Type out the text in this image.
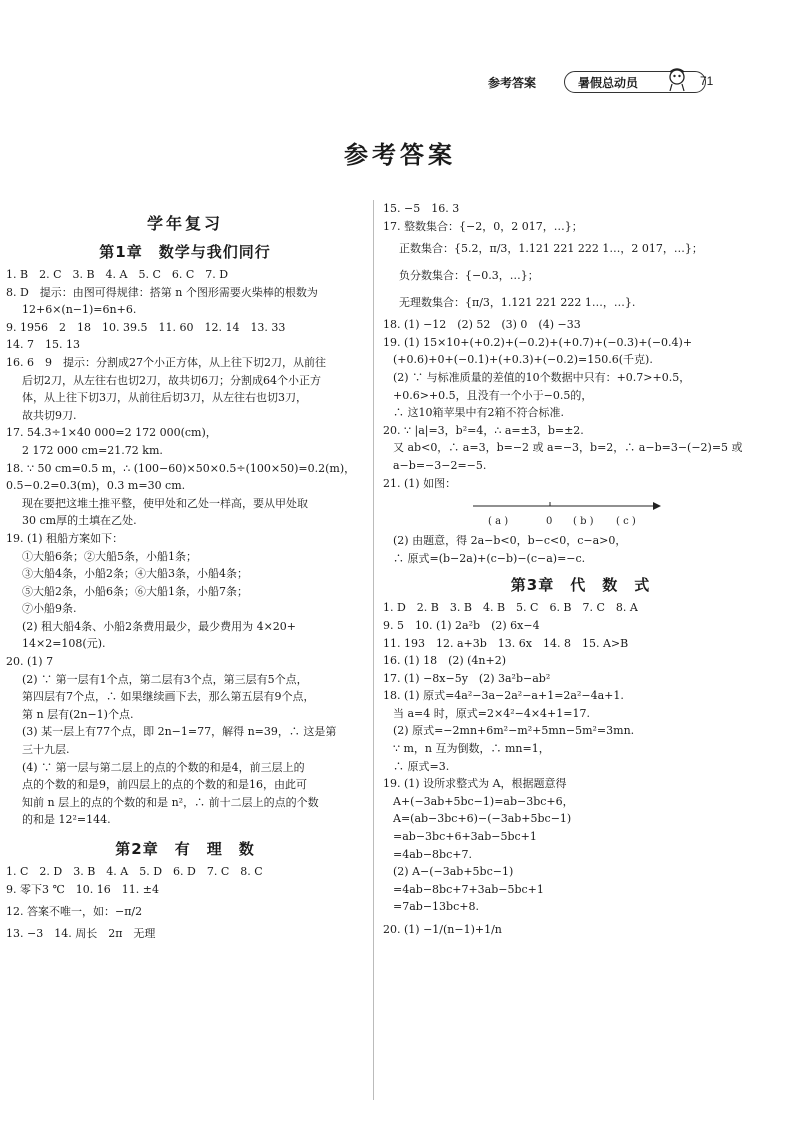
参考答案	暑假总动员	71
参考答案
学年复习
第1章　数学与我们同行
1. B　2. C　3. B　4. A　5. C　6. C　7. D
8. D　提示：由图可得规律：搭第 n 个图形需要火柴棒的根数为
12+6×(n−1)=6n+6.
9. 1956　2　18　10. 39.5　11. 60　12. 14　13. 33
14. 7　15. 13
16. 6　9　提示：分割成27个小正方体，从上往下切2刀，从前往
后切2刀，从左往右也切2刀，故共切6刀；分割成64个小正方
体，从上往下切3刀，从前往后切3刀，从左往右也切3刀，
故共切9刀.
17. 54.3÷1×40 000=2 172 000(cm)，
2 172 000 cm=21.72 km.
18. ∵ 50 cm=0.5 m，∴ (100−60)×50×0.5÷(100×50)=0.2(m)，
0.5−0.2=0.3(m)，0.3 m=30 cm.
现在要把这堆土推平整，使甲处和乙处一样高，要从甲处取
30 cm厚的土填在乙处.
19. (1) 租船方案如下：
①大船6条；②大船5条，小船1条；
③大船4条，小船2条；④大船3条，小船4条；
⑤大船2条，小船6条；⑥大船1条，小船7条；
⑦小船9条.
(2) 租大船4条、小船2条费用最少，最少费用为 4×20+
14×2=108(元).
20. (1) 7
(2) ∵ 第一层有1个点，第二层有3个点，第三层有5个点，
第四层有7个点，∴ 如果继续画下去，那么第五层有9个点，
第 n 层有(2n−1)个点.
(3) 某一层上有77个点，即 2n−1=77，解得 n=39，∴ 这是第
三十九层.
(4) ∵ 第一层与第二层上的点的个数的和是4，前三层上的
点的个数的和是9，前四层上的点的个数的和是16，由此可
知前 n 层上的点的个数的和是 n²，∴ 前十二层上的点的个数
的和是 12²=144.
第2章　有　理　数
1. C　2. D　3. B　4. A　5. D　6. D　7. C　8. C
9. 零下3 ℃　10. 16　11. ±4
12. 答案不唯一，如：−π/2
13. −3　14. 周长　2π　无理
15. −5　16. 3
17. 整数集合：{−2，0，2 017，…}；
正数集合：{5.2，π/3，1.121 221 222 1…，2 017，…}；
负分数集合：{−0.3，…}；
无理数集合：{π/3，1.121 221 222 1…，…}.
18. (1) −12　(2) 52　(3) 0　(4) −33
19. (1) 15×10+(+0.2)+(−0.2)+(+0.7)+(−0.3)+(−0.4)+
(+0.6)+0+(−0.1)+(+0.3)+(−0.2)=150.6(千克).
(2) ∵ 与标准质量的差值的10个数据中只有：+0.7>+0.5，
+0.6>+0.5，且没有一个小于−0.5的，
∴ 这10箱苹果中有2箱不符合标准.
20. ∵ |a|=3，b²=4，∴ a=±3，b=±2.
又 ab<0，∴ a=3，b=−2 或 a=−3，b=2，∴ a−b=3−(−2)=5 或
a−b=−3−2=−5.
21. (1) 如图：
( a )	0 ( b ) ( c )
(2) 由题意，得 2a−b<0，b−c<0，c−a>0，
∴ 原式=(b−2a)+(c−b)−(c−a)=−c.
第3章　代　数　式
1. D　2. B　3. B　4. B　5. C　6. B　7. C　8. A
9. 5　10. (1) 2a²b　(2) 6x−4
11. 193　12. a+3b　13. 6x　14. 8　15. A>B
16. (1) 18　(2) (4n+2)
17. (1) −8x−5y　(2) 3a²b−ab²
18. (1) 原式=4a²−3a−2a²−a+1=2a²−4a+1.
当 a=4 时，原式=2×4²−4×4+1=17.
(2) 原式=−2mn+6m²−m²+5mn−5m²=3mn.
∵ m，n 互为倒数，∴ mn=1，
∴ 原式=3.
19. (1) 设所求整式为 A，根据题意得
A+(−3ab+5bc−1)=ab−3bc+6，
A=(ab−3bc+6)−(−3ab+5bc−1)
=ab−3bc+6+3ab−5bc+1
=4ab−8bc+7.
(2) A−(−3ab+5bc−1)
=4ab−8bc+7+3ab−5bc+1
=7ab−13bc+8.
20. (1) −1/(n−1)+1/n
